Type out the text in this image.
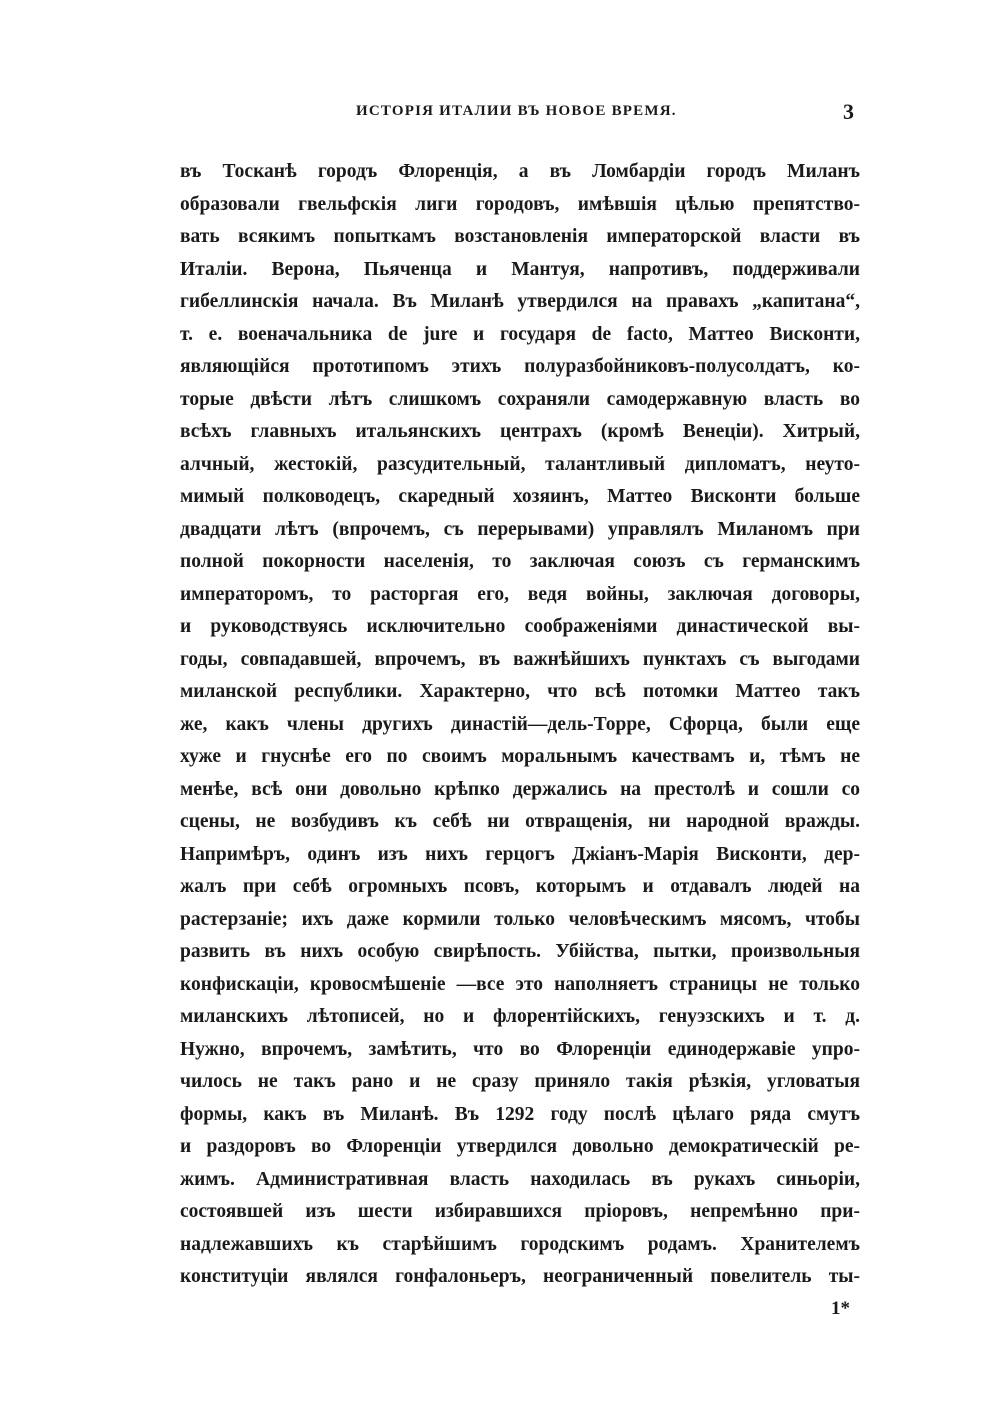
ИСТОРІЯ ИТАЛИИ ВЪ НОВОЕ ВРЕМЯ.	3
въ Тосканѣ городъ Флоренція, а въ Ломбардіи городъ Миланъ
образовали гвельфскія лиги городовъ, имѣвшія цѣлью препятство-
вать всякимъ попыткамъ возстановленія императорской власти въ
Италіи. Верона, Пьяченца и Мантуя, напротивъ, поддерживали
гибеллинскія начала. Въ Миланѣ утвердился на правахъ „капитана“,
т. е. военачальника de jure и государя de facto, Маттео Висконти,
являющійся прототипомъ этихъ полуразбойниковъ-полусолдатъ, ко-
торые двѣсти лѣтъ слишкомъ сохраняли самодержавную власть во
всѣхъ главныхъ итальянскихъ центрахъ (кромѣ Венеціи). Хитрый,
алчный, жестокій, разсудительный, талантливый дипломатъ, неуто-
мимый полководецъ, скаредный хозяинъ, Маттео Висконти больше
двадцати лѣтъ (впрочемъ, съ перерывами) управлялъ Миланомъ при
полной покорности населенія, то заключая союзъ съ германскимъ
императоромъ, то расторгая его, ведя войны, заключая договоры,
и руководствуясь исключительно соображеніями династической вы-
годы, совпадавшей, впрочемъ, въ важнѣйшихъ пунктахъ съ выгодами
миланской республики. Характерно, что всѣ потомки Маттео такъ
же, какъ члены другихъ династій—дель-Торре, Сфорца, были еще
хуже и гнуснѣе его по своимъ моральнымъ качествамъ и, тѣмъ не
менѣе, всѣ они довольно крѣпко держались на престолѣ и сошли со
сцены, не возбудивъ къ себѣ ни отвращенія, ни народной вражды.
Напримѣръ, одинъ изъ нихъ герцогъ Джіанъ-Марія Висконти, дер-
жалъ при себѣ огромныхъ псовъ, которымъ и отдавалъ людей на
растерзаніе; ихъ даже кормили только человѣческимъ мясомъ, чтобы
развить въ нихъ особую свирѣпость. Убійства, пытки, произвольныя
конфискаціи, кровосмѣшеніе —все это наполняетъ страницы не только
миланскихъ лѣтописей, но и флорентійскихъ, генуэзскихъ и т. д.
Нужно, впрочемъ, замѣтить, что во Флоренціи единодержавіе упро-
чилось не такъ рано и не сразу приняло такія рѣзкія, угловатыя
формы, какъ въ Миланѣ. Въ 1292 году послѣ цѣлаго ряда смутъ
и раздоровъ во Флоренціи утвердился довольно демократическій ре-
жимъ. Административная власть находилась въ рукахъ синьоріи,
состоявшей изъ шести избиравшихся пріоровъ, непремѣнно при-
надлежавшихъ къ старѣйшимъ городскимъ родамъ. Хранителемъ
конституціи являлся гонфалоньеръ, неограниченный повелитель ты-
1*
